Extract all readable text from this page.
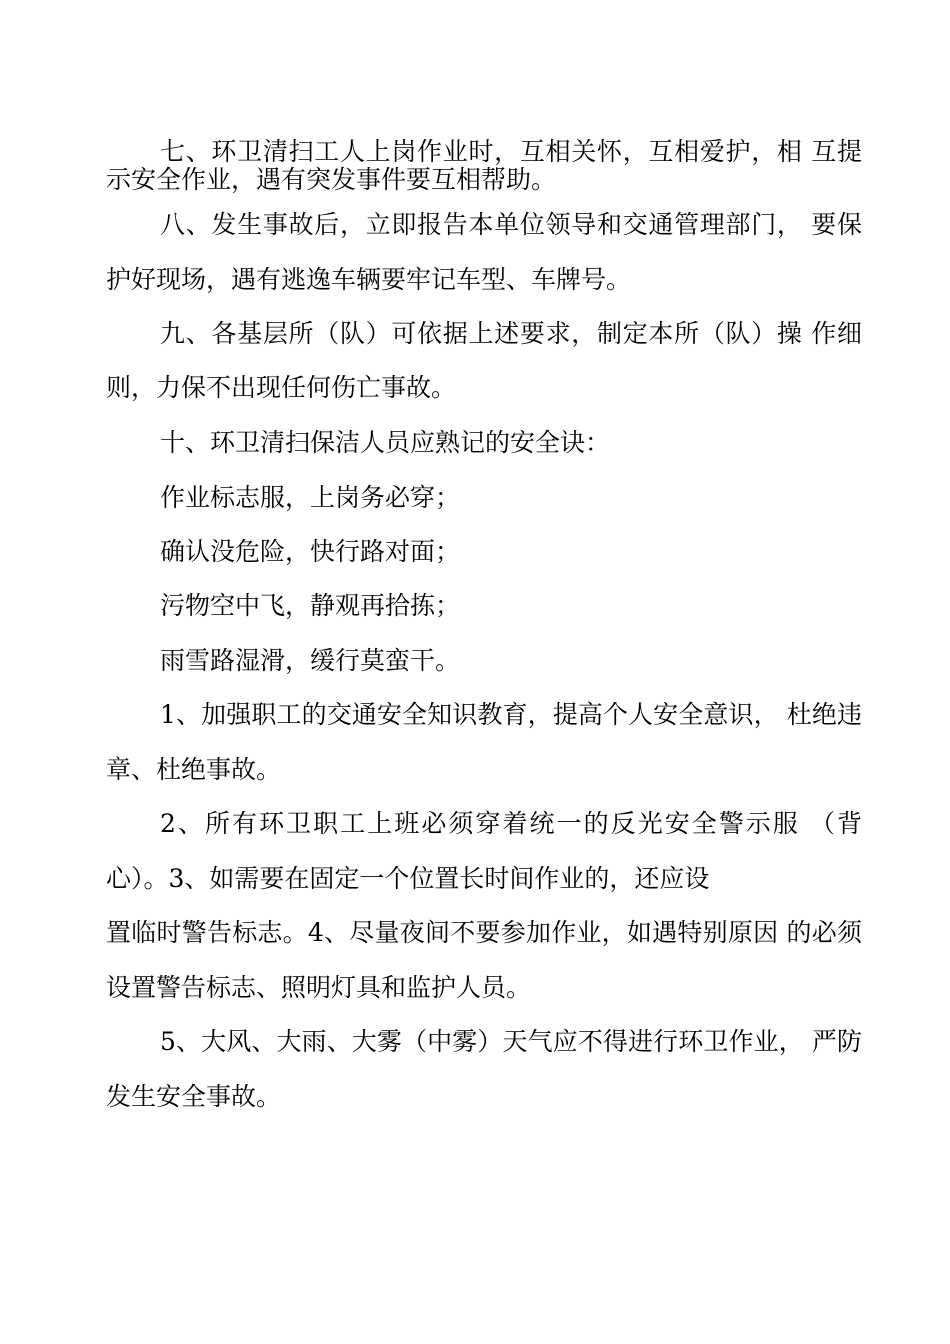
七、环卫清扫工人上岗作业时，互相关怀，互相爱护，相 互提
示安全作业，遇有突发事件要互相帮助。
八、发生事故后，立即报告本单位领导和交通管理部门， 要保
护好现场，遇有逃逸车辆要牢记车型、车牌号。
九、各基层所（队）可依据上述要求，制定本所（队）操 作细
则，力保不出现任何伤亡事故。
十、环卫清扫保洁人员应熟记的安全诀：
作业标志服，上岗务必穿；
确认没危险，快行路对面；
污物空中飞，静观再拾拣；
雨雪路湿滑，缓行莫蛮干。
1、加强职工的交通安全知识教育，提高个人安全意识， 杜绝违
章、杜绝事故。
2、所有环卫职工上班必须穿着统一的反光安全警示服 （背
心）。3、如需要在固定一个位置长时间作业的，还应设
置临时警告标志。4、尽量夜间不要参加作业，如遇特别原因 的必须
设置警告标志、照明灯具和监护人员。
5、大风、大雨、大雾（中雾）天气应不得进行环卫作业， 严防
发生安全事故。
